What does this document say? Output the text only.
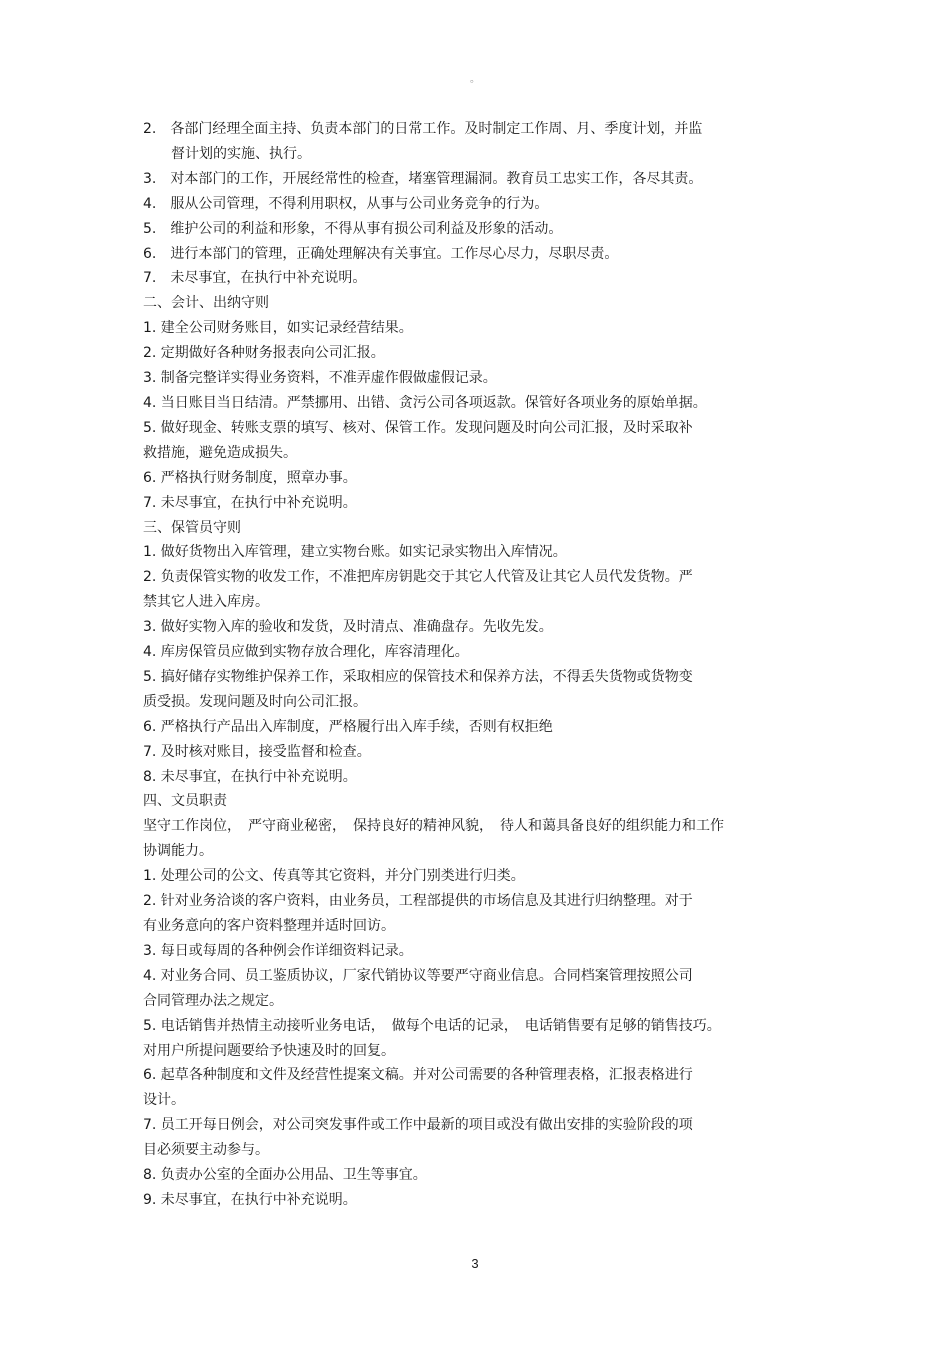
。
2.　各部门经理全面主持、负责本部门的日常工作。及时制定工作周、月、季度计划，并监
督计划的实施、执行。
3.　对本部门的工作，开展经常性的检查，堵塞管理漏洞。教育员工忠实工作，各尽其责。
4.　服从公司管理，不得利用职权，从事与公司业务竞争的行为。
5.　维护公司的利益和形象，不得从事有损公司利益及形象的活动。
6.　进行本部门的管理，正确处理解决有关事宜。工作尽心尽力，尽职尽责。
7.　未尽事宜，在执行中补充说明。
二、会计、出纳守则
1. 建全公司财务账目，如实记录经营结果。
2. 定期做好各种财务报表向公司汇报。
3. 制备完整详实得业务资料，不准弄虚作假做虚假记录。
4. 当日账目当日结清。严禁挪用、出错、贪污公司各项返款。保管好各项业务的原始单据。
5. 做好现金、转账支票的填写、核对、保管工作。发现问题及时向公司汇报，及时采取补
救措施，避免造成损失。
6. 严格执行财务制度，照章办事。
7. 未尽事宜，在执行中补充说明。
三、保管员守则
1. 做好货物出入库管理，建立实物台账。如实记录实物出入库情况。
2. 负责保管实物的收发工作，不准把库房钥匙交于其它人代管及让其它人员代发货物。严
禁其它人进入库房。
3. 做好实物入库的验收和发货，及时清点、准确盘存。先收先发。
4. 库房保管员应做到实物存放合理化，库容清理化。
5. 搞好储存实物维护保养工作，采取相应的保管技术和保养方法，不得丢失货物或货物变
质受损。发现问题及时向公司汇报。
6. 严格执行产品出入库制度，严格履行出入库手续，否则有权拒绝
7. 及时核对账目，接受监督和检查。
8. 未尽事宜，在执行中补充说明。
四、文员职责
坚守工作岗位，　严守商业秘密，　保持良好的精神风貌，　待人和蔼具备良好的组织能力和工作
协调能力。
1. 处理公司的公文、传真等其它资料，并分门别类进行归类。
2. 针对业务洽谈的客户资料，由业务员，工程部提供的市场信息及其进行归纳整理。对于
有业务意向的客户资料整理并适时回访。
3. 每日或每周的各种例会作详细资料记录。
4. 对业务合同、员工鉴质协议，厂家代销协议等要严守商业信息。合同档案管理按照公司
合同管理办法之规定。
5. 电话销售并热情主动接听业务电话，　做每个电话的记录，　电话销售要有足够的销售技巧。
对用户所提问题要给予快速及时的回复。
6. 起草各种制度和文件及经营性提案文稿。并对公司需要的各种管理表格，汇报表格进行
设计。
7. 员工开每日例会，对公司突发事件或工作中最新的项目或没有做出安排的实验阶段的项
目必须要主动参与。
8. 负责办公室的全面办公用品、卫生等事宜。
9. 未尽事宜，在执行中补充说明。
3
